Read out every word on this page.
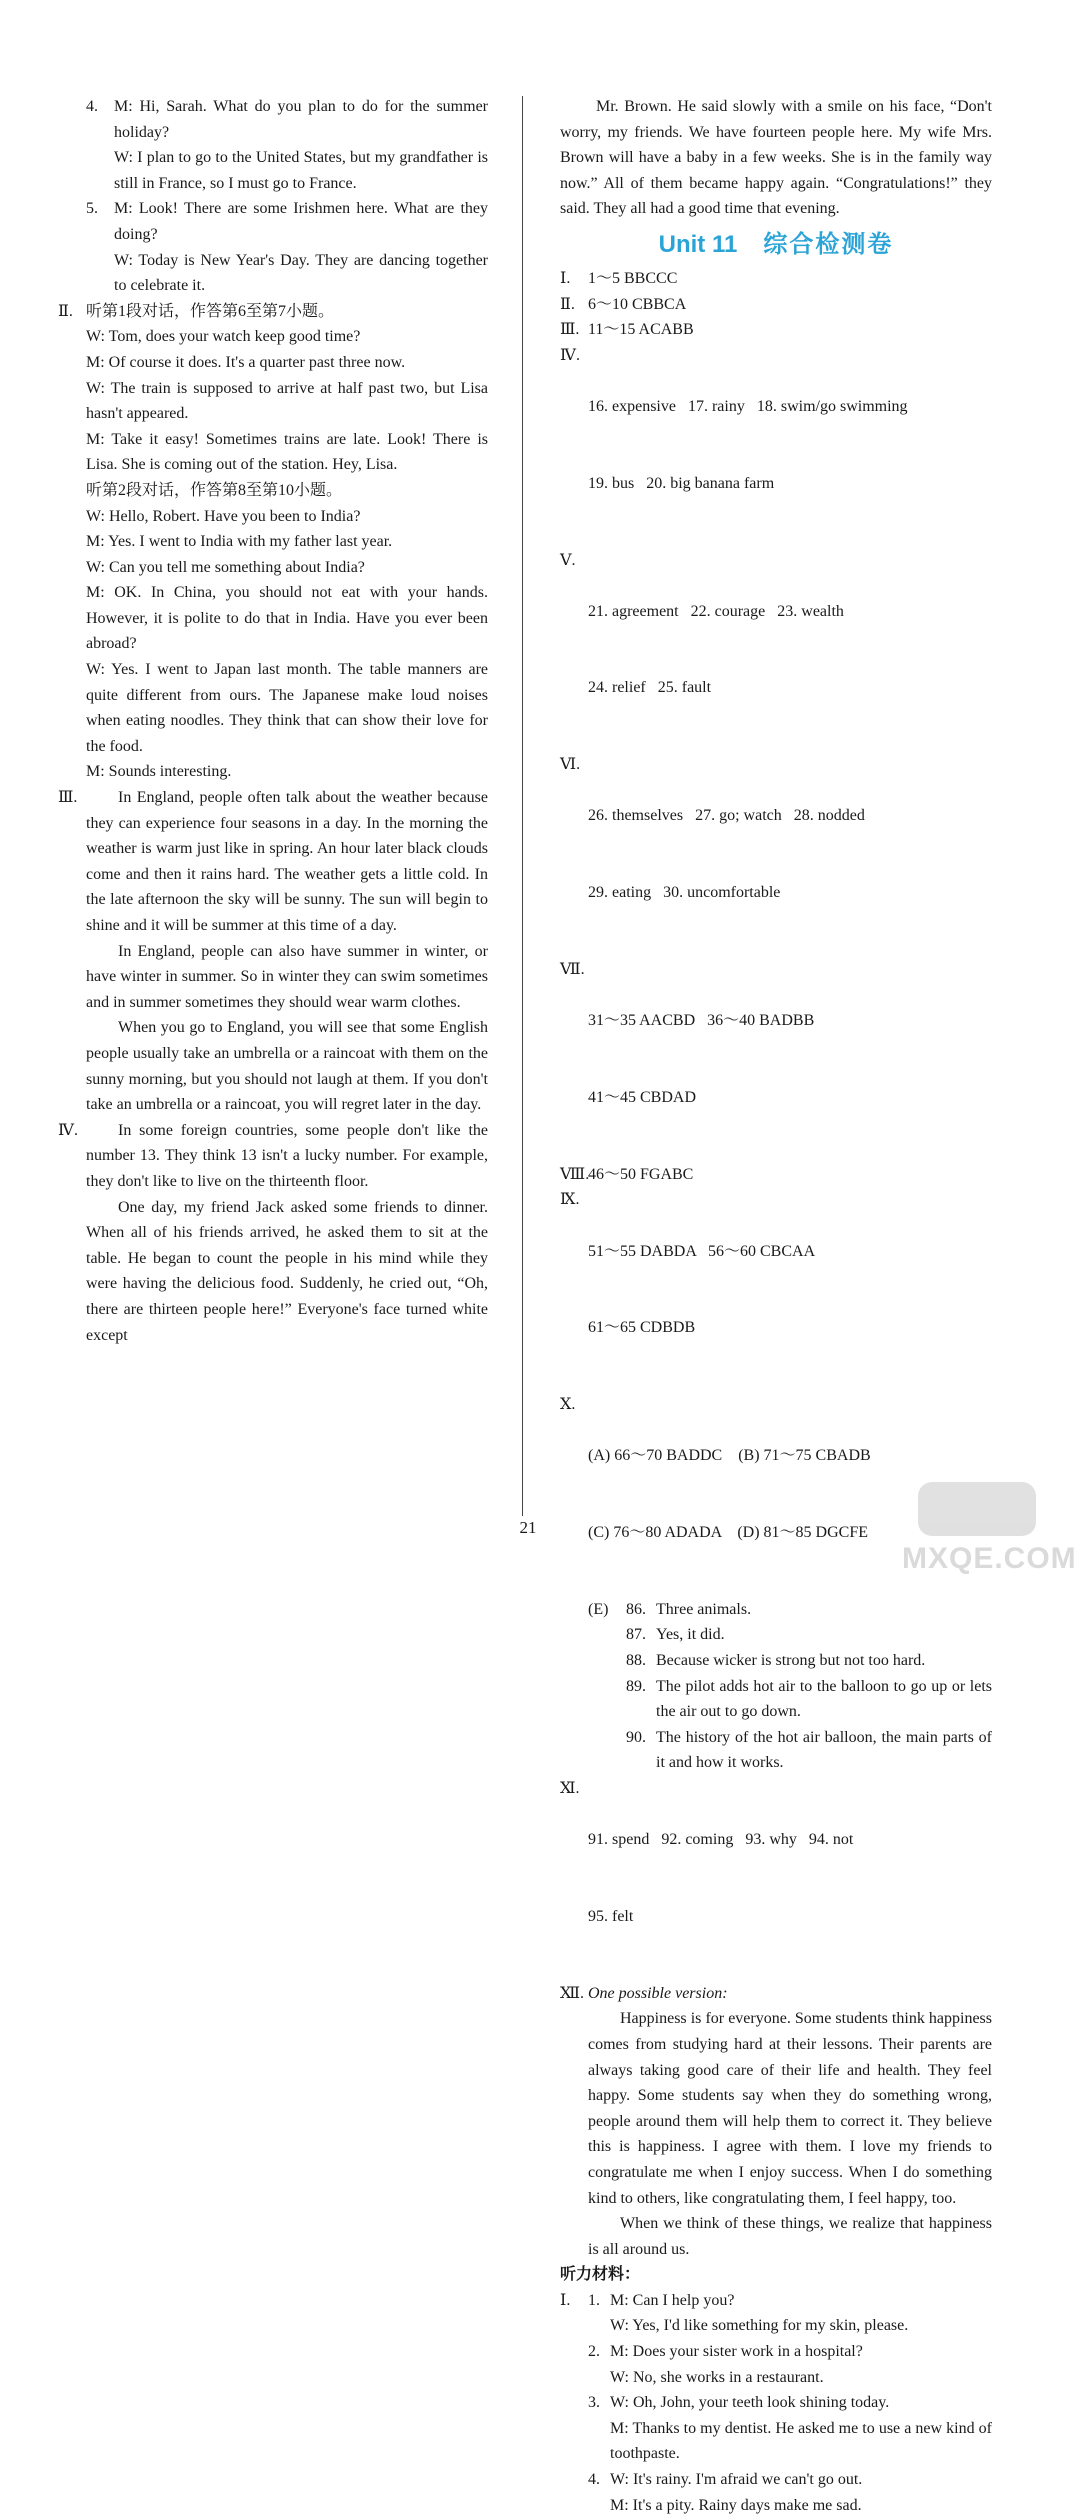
4.	M: Hi, Sarah. What do you plan to do for the summer holiday?

W: I plan to go to the United States, but my grandfather is still in France, so I must go to France.

5.	M: Look! There are some Irishmen here. What are they doing?

W: Today is New Year's Day. They are dancing together to celebrate it.

Ⅱ. 听第1段对话，作答第6至第7小题。

W: Tom, does your watch keep good time?

M: Of course it does. It's a quarter past three now.

W: The train is supposed to arrive at half past two, but Lisa hasn't appeared.

M: Take it easy! Sometimes trains are late. Look! There is Lisa. She is coming out of the station. Hey, Lisa.

听第2段对话，作答第8至第10小题。

W: Hello, Robert. Have you been to India?

M: Yes. I went to India with my father last year.

W: Can you tell me something about India?

M: OK. In China, you should not eat with your hands. However, it is polite to do that in India. Have you ever been abroad?

W: Yes. I went to Japan last month. The table manners are quite different from ours. The Japanese make loud noises when eating noodles. They think that can show their love for the food.

M: Sounds interesting.

Ⅲ.	In England, people often talk about the weather because they can experience four seasons in a day. In the morning the weather is warm just like in spring. An hour later black clouds come and then it rains hard. The weather gets a little cold. In the late afternoon the sky will be sunny. The sun will begin to shine and it will be summer at this time of a day.

In England, people can also have summer in winter, or have winter in summer. So in winter they can swim sometimes and in summer sometimes they should wear warm clothes.

When you go to England, you will see that some English people usually take an umbrella or a raincoat with them on the sunny morning, but you should not laugh at them. If you don't take an umbrella or a raincoat, you will regret later in the day.

Ⅳ.	In some foreign countries, some people don't like the number 13. They think 13 isn't a lucky number. For example, they don't like to live on the thirteenth floor.

One day, my friend Jack asked some friends to dinner. When all of his friends arrived, he asked them to sit at the table. He began to count the people in his mind while they were having the delicious food. Suddenly, he cried out, “Oh, there are thirteen people here!” Everyone's face turned white except

Mr. Brown. He said slowly with a smile on his face, “Don't worry, my friends. We have fourteen people here. My wife Mrs. Brown will have a baby in a few weeks. She is in the family way now.” All of them became happy again. “Congratulations!” they said. They all had a good time that evening.

Unit 11 综合检测卷
Ⅰ.	1～5 BBCCC

Ⅱ. 6～10 CBBCA

Ⅲ. 11～15 ACABB

Ⅳ.

16. expensive   17. rainy   18. swim/go swimming

19. bus   20. big banana farm

Ⅴ.

21. agreement   22. courage   23. wealth

24. relief   25. fault

Ⅵ.

26. themselves   27. go; watch   28. nodded

29. eating   30. uncomfortable

Ⅶ.

31～35 AACBD   36～40 BADBB

41～45 CBDAD

Ⅷ.

46～50 FGABC

Ⅸ.

51～55 DABDA   56～60 CBCAA

61～65 CDBDB

Ⅹ.

(A) 66～70 BADDC    (B) 71～75 CBADB

(C) 76～80 ADADA    (D) 81～85 DGCFE

(E)	86. Three animals.
87. Yes, it did.
88. Because wicker is strong but not too hard.
89. The pilot adds hot air to the balloon to go up or lets the air out to go down.
90. The history of the hot air balloon, the main parts of it and how it works.
Ⅺ.

91. spend   92. coming   93. why   94. not

95. felt

Ⅻ. One possible version:

Happiness is for everyone. Some students think happiness comes from studying hard at their lessons. Their parents are always taking good care of their life and health. They feel happy. Some students say when they do something wrong, people around them will help them to correct it. They believe this is happiness. I agree with them. I love my friends to congratulate me when I enjoy success. When I do something kind to others, like congratulating them, I feel happy, too.

When we think of these things, we realize that happiness is all around us.

听力材料：

Ⅰ.	1. M: Can I help you?

W: Yes, I'd like something for my skin, please.

2. M: Does your sister work in a hospital?

W: No, she works in a restaurant.

3. W: Oh, John, your teeth look shining today.

M: Thanks to my dentist. He asked me to use a new kind of toothpaste.

4. W: It's rainy. I'm afraid we can't go out.

M: It's a pity. Rainy days make me sad.

21
MXQE.COM
